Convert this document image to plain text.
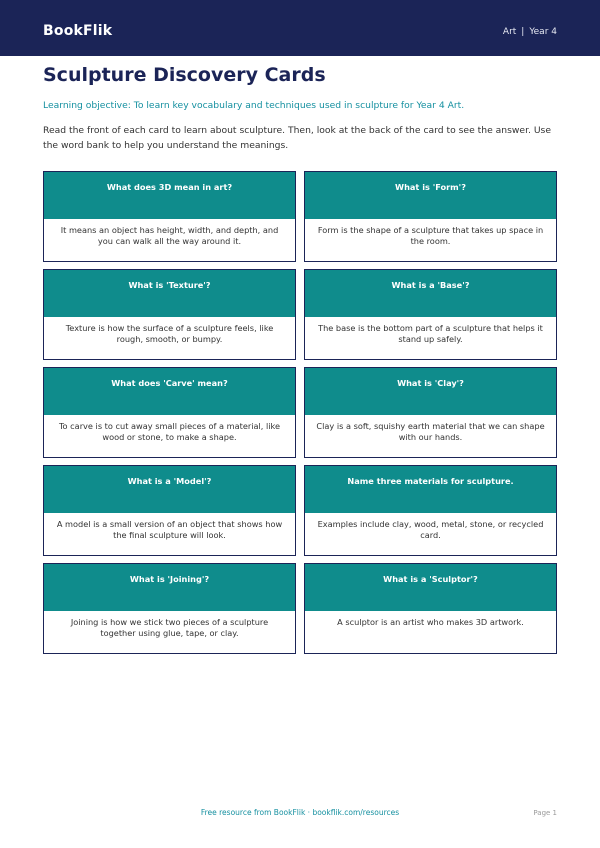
BookFlik	Art | Year 4
Sculpture Discovery Cards
Learning objective: To learn key vocabulary and techniques used in sculpture for Year 4 Art.
Read the front of each card to learn about sculpture. Then, look at the back of the card to see the answer. Use the word bank to help you understand the meanings.
What does 3D mean in art?
It means an object has height, width, and depth, and you can walk all the way around it.
What is 'Form'?
Form is the shape of a sculpture that takes up space in the room.
What is 'Texture'?
Texture is how the surface of a sculpture feels, like rough, smooth, or bumpy.
What is a 'Base'?
The base is the bottom part of a sculpture that helps it stand up safely.
What does 'Carve' mean?
To carve is to cut away small pieces of a material, like wood or stone, to make a shape.
What is 'Clay'?
Clay is a soft, squishy earth material that we can shape with our hands.
What is a 'Model'?
A model is a small version of an object that shows how the final sculpture will look.
Name three materials for sculpture.
Examples include clay, wood, metal, stone, or recycled card.
What is 'Joining'?
Joining is how we stick two pieces of a sculpture together using glue, tape, or clay.
What is a 'Sculptor'?
A sculptor is an artist who makes 3D artwork.
Free resource from BookFlik · bookflik.com/resources	Page 1
